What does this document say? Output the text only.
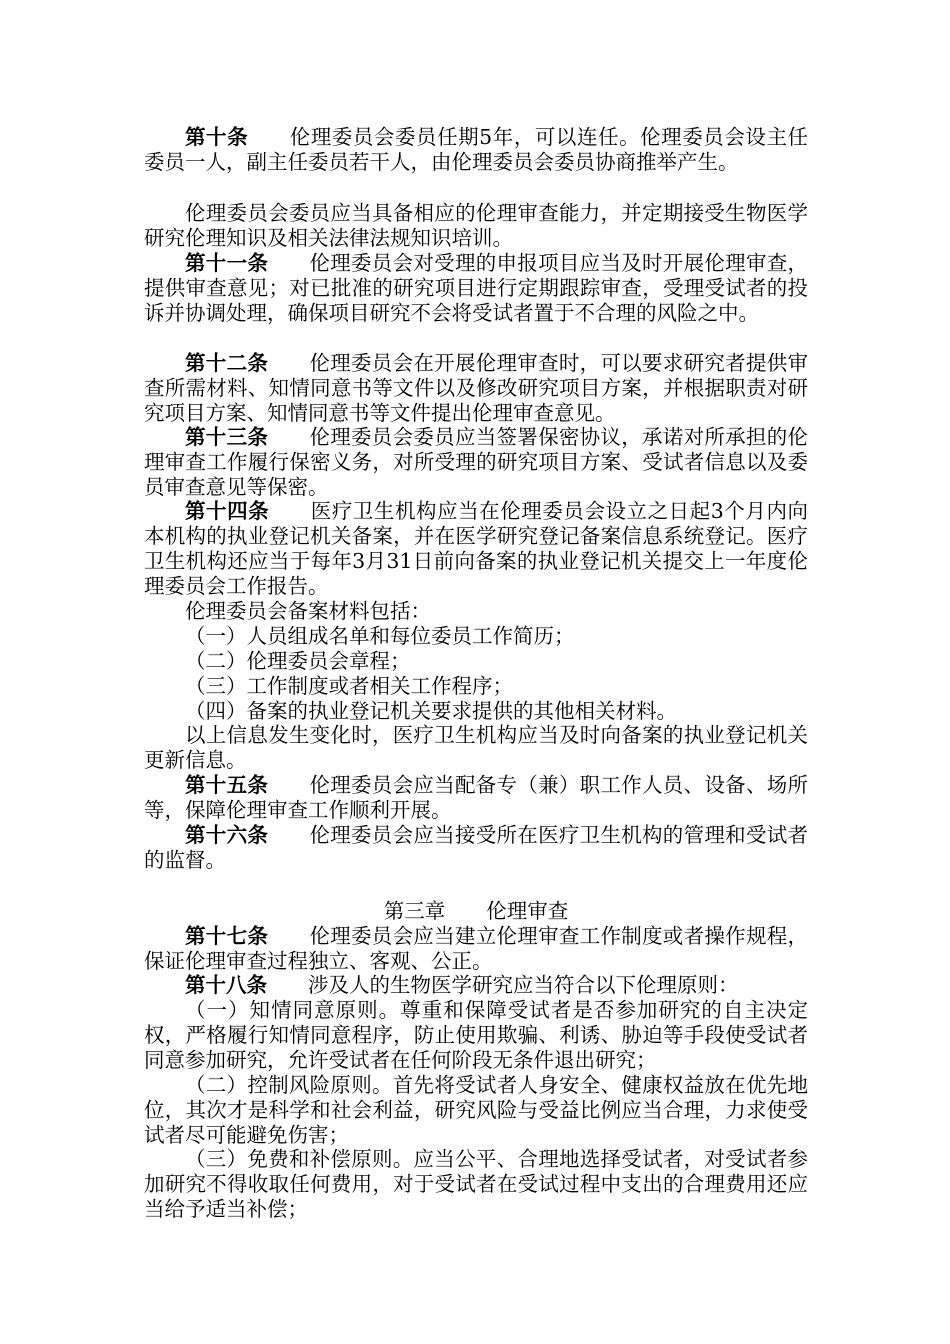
第十条 伦理委员会委员任期5年，可以连任。伦理委员会设主任委员一人，副主任委员若干人，由伦理委员会委员协商推举产生。

伦理委员会委员应当具备相应的伦理审查能力，并定期接受生物医学研究伦理知识及相关法律法规知识培训。

第十一条 伦理委员会对受理的申报项目应当及时开展伦理审查，提供审查意见；对已批准的研究项目进行定期跟踪审查，受理受试者的投诉并协调处理，确保项目研究不会将受试者置于不合理的风险之中。

第十二条 伦理委员会在开展伦理审查时，可以要求研究者提供审查所需材料、知情同意书等文件以及修改研究项目方案，并根据职责对研究项目方案、知情同意书等文件提出伦理审查意见。

第十三条 伦理委员会委员应当签署保密协议，承诺对所承担的伦理审查工作履行保密义务，对所受理的研究项目方案、受试者信息以及委员审查意见等保密。

第十四条 医疗卫生机构应当在伦理委员会设立之日起3个月内向本机构的执业登记机关备案，并在医学研究登记备案信息系统登记。医疗卫生机构还应当于每年3月31日前向备案的执业登记机关提交上一年度伦理委员会工作报告。

伦理委员会备案材料包括：

（一）人员组成名单和每位委员工作简历；

（二）伦理委员会章程；

（三）工作制度或者相关工作程序；

（四）备案的执业登记机关要求提供的其他相关材料。

以上信息发生变化时，医疗卫生机构应当及时向备案的执业登记机关更新信息。

第十五条 伦理委员会应当配备专（兼）职工作人员、设备、场所等，保障伦理审查工作顺利开展。

第十六条 伦理委员会应当接受所在医疗卫生机构的管理和受试者的监督。

第三章 伦理审查

第十七条 伦理委员会应当建立伦理审查工作制度或者操作规程，保证伦理审查过程独立、客观、公正。

第十八条 涉及人的生物医学研究应当符合以下伦理原则：

（一）知情同意原则。尊重和保障受试者是否参加研究的自主决定权，严格履行知情同意程序，防止使用欺骗、利诱、胁迫等手段使受试者同意参加研究，允许受试者在任何阶段无条件退出研究；

（二）控制风险原则。首先将受试者人身安全、健康权益放在优先地位，其次才是科学和社会利益，研究风险与受益比例应当合理，力求使受试者尽可能避免伤害；

（三）免费和补偿原则。应当公平、合理地选择受试者，对受试者参加研究不得收取任何费用，对于受试者在受试过程中支出的合理费用还应当给予适当补偿；
